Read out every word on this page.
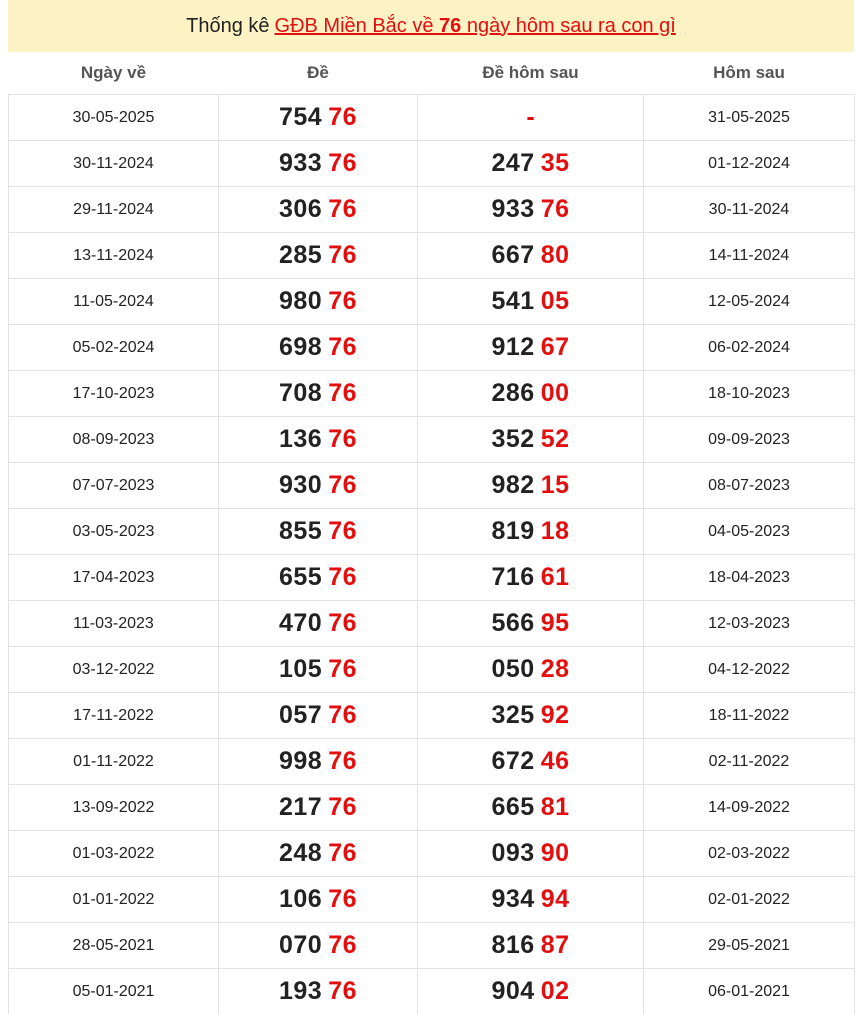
Thống kê GĐB Miền Bắc về 76 ngày hôm sau ra con gì
Ngày về	Đề	Đề hôm sau	Hôm sau
30-05-2025	754 76	-	31-05-2025
30-11-2024	933 76	247 35	01-12-2024
29-11-2024	306 76	933 76	30-11-2024
13-11-2024	285 76	667 80	14-11-2024
11-05-2024	980 76	541 05	12-05-2024
05-02-2024	698 76	912 67	06-02-2024
17-10-2023	708 76	286 00	18-10-2023
08-09-2023	136 76	352 52	09-09-2023
07-07-2023	930 76	982 15	08-07-2023
03-05-2023	855 76	819 18	04-05-2023
17-04-2023	655 76	716 61	18-04-2023
11-03-2023	470 76	566 95	12-03-2023
03-12-2022	105 76	050 28	04-12-2022
17-11-2022	057 76	325 92	18-11-2022
01-11-2022	998 76	672 46	02-11-2022
13-09-2022	217 76	665 81	14-09-2022
01-03-2022	248 76	093 90	02-03-2022
01-01-2022	106 76	934 94	02-01-2022
28-05-2021	070 76	816 87	29-05-2021
05-01-2021	193 76	904 02	06-01-2021
